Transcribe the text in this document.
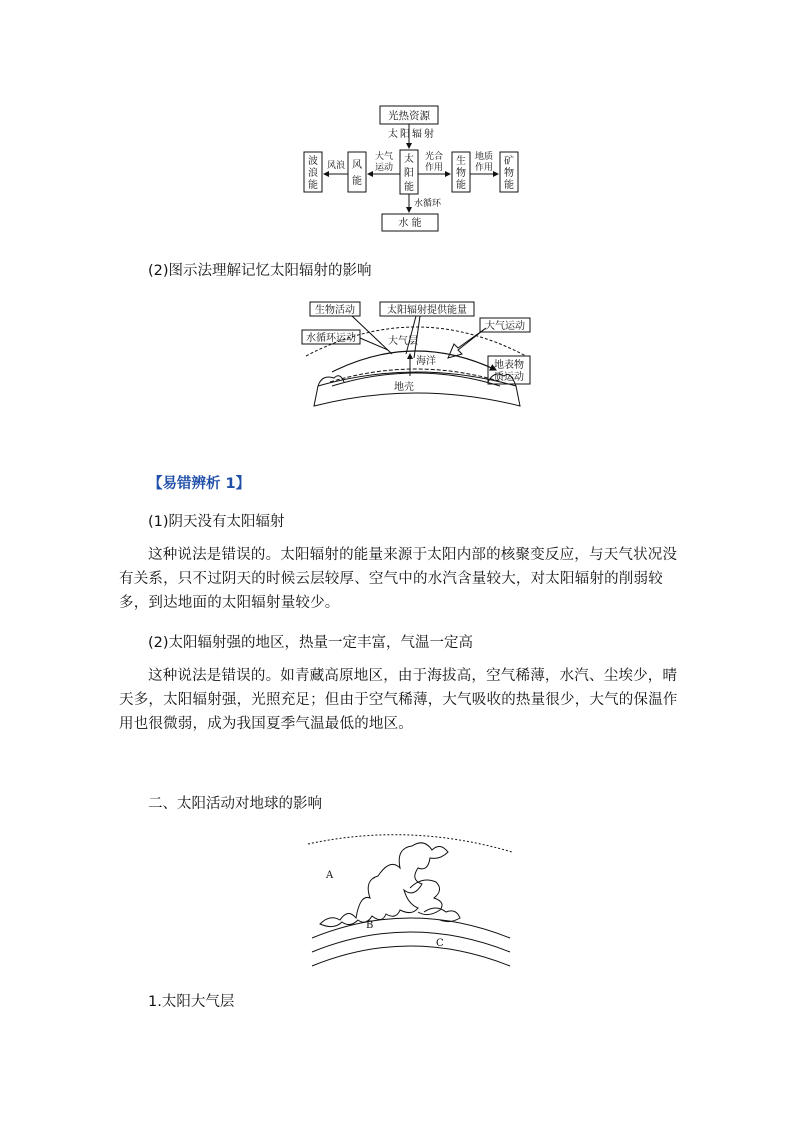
光热资源
太阳辐射
太
阳
能
风
能
波
浪
能
生
物
能
矿
物
能
大气
运动
风浪
光合
作用
地质
作用
水循环
水 能
(2)图示法理解记忆太阳辐射的影响
生物活动	太阳辐射提供能量
大气运动
水循环运动
地表物
质运动
大气层
海洋
地壳
【易错辨析 1】
(1)阴天没有太阳辐射
这种说法是错误的。太阳辐射的能量来源于太阳内部的核聚变反应，与天气状况没有关系，只不过阴天的时候云层较厚、空气中的水汽含量较大，对太阳辐射的削弱较多，到达地面的太阳辐射量较少。
(2)太阳辐射强的地区，热量一定丰富，气温一定高
这种说法是错误的。如青藏高原地区，由于海拔高，空气稀薄，水汽、尘埃少，晴天多，太阳辐射强，光照充足；但由于空气稀薄，大气吸收的热量很少，大气的保温作用也很微弱，成为我国夏季气温最低的地区。
二、太阳活动对地球的影响
A
B
C
1.太阳大气层
